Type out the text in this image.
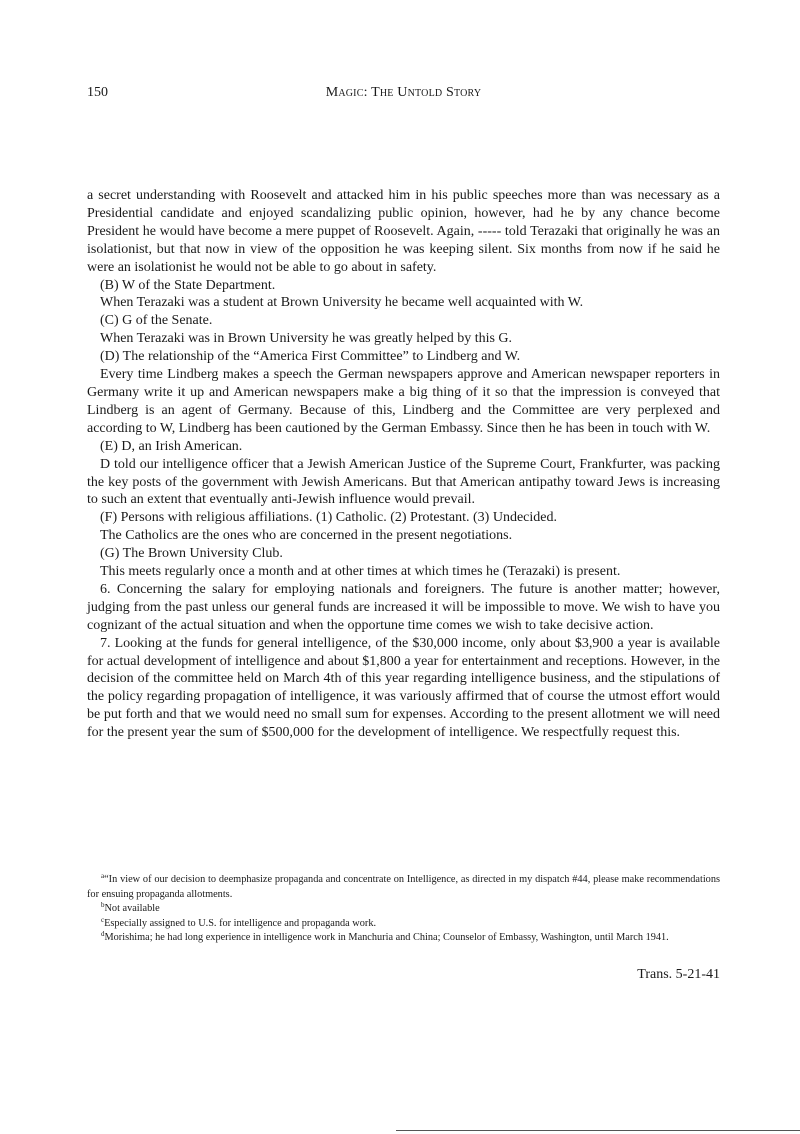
150	Magic: The Untold Story

a secret understanding with Roosevelt and attacked him in his public speeches more than was necessary as a Presidential candidate and enjoyed scandalizing public opinion, however, had he by any chance become President he would have become a mere puppet of Roosevelt. Again, ----- told Terazaki that originally he was an isolationist, but that now in view of the opposition he was keeping silent. Six months from now if he said he were an isolationist he would not be able to go about in safety.

(B) W of the State Department.

When Terazaki was a student at Brown University he became well acquainted with W.

(C) G of the Senate.

When Terazaki was in Brown University he was greatly helped by this G.

(D) The relationship of the “America First Committee” to Lindberg and W.

Every time Lindberg makes a speech the German newspapers approve and American newspaper reporters in Germany write it up and American newspapers make a big thing of it so that the impression is conveyed that Lindberg is an agent of Germany. Because of this, Lindberg and the Committee are very perplexed and according to W, Lindberg has been cautioned by the German Embassy. Since then he has been in touch with W.

(E) D, an Irish American.

D told our intelligence officer that a Jewish American Justice of the Supreme Court, Frankfurter, was packing the key posts of the government with Jewish Americans. But that American antipathy toward Jews is increasing to such an extent that eventually anti-Jewish influence would prevail.

(F) Persons with religious affiliations. (1) Catholic. (2) Protestant. (3) Undecided.

The Catholics are the ones who are concerned in the present negotiations.

(G) The Brown University Club.

This meets regularly once a month and at other times at which times he (Terazaki) is present.

6. Concerning the salary for employing nationals and foreigners. The future is another matter; however, judging from the past unless our general funds are increased it will be impossible to move. We wish to have you cognizant of the actual situation and when the opportune time comes we wish to take decisive action.

7. Looking at the funds for general intelligence, of the $30,000 income, only about $3,900 a year is available for actual development of intelligence and about $1,800 a year for entertainment and receptions. However, in the decision of the committee held on March 4th of this year regarding intelligence business, and the stipulations of the policy regarding propagation of intelligence, it was variously affirmed that of course the utmost effort would be put forth and that we would need no small sum for expenses. According to the present allotment we will need for the present year the sum of $500,000 for the development of intelligence. We respectfully request this.

$^a$“In view of our decision to deemphasize propaganda and concentrate on Intelligence, as directed in my dispatch #44, please make recommendations for ensuing propaganda allotments.

$^b$Not available

$^c$Especially assigned to U.S. for intelligence and propaganda work.

$^d$Morishima; he had long experience in intelligence work in Manchuria and China; Counselor of Embassy, Washington, until March 1941.

Trans. 5-21-41
